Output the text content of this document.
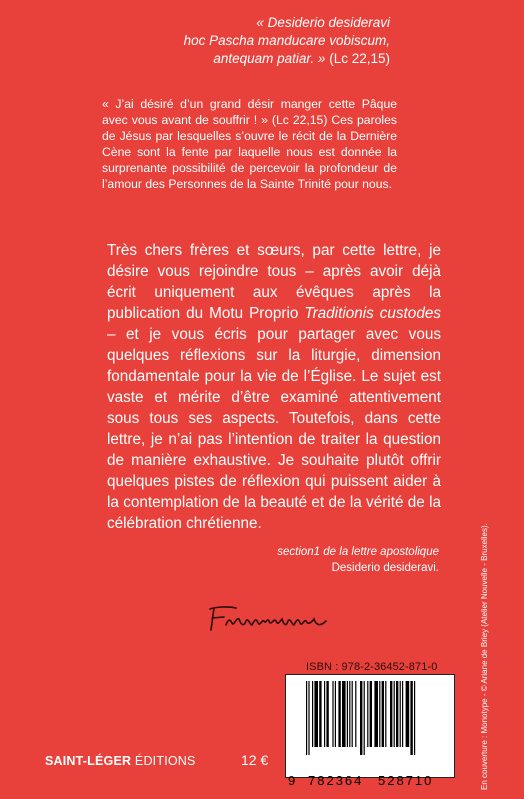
« Desiderio desideravi
hoc Pascha manducare vobiscum,
antequam patiar. » (Lc 22,15)
« J’ai désiré d’un grand désir manger cette Pâque avec vous avant de souffrir ! » (Lc 22,15) Ces paroles de Jésus par lesquelles s’ouvre le récit de la Dernière Cène sont la fente par laquelle nous est donnée la surprenante possibilité de percevoir la profondeur de l’amour des Personnes de la Sainte Trinité pour nous.

Très chers frères et sœurs, par cette lettre, je désire vous rejoindre tous – après avoir déjà écrit uniquement aux évêques après la publication du Motu Proprio Traditionis custodes – et je vous écris pour partager avec vous quelques réflexions sur la liturgie, dimension fondamentale pour la vie de l’Église. Le sujet est vaste et mérite d’être examiné attentivement sous tous ses aspects. Toutefois, dans cette lettre, je n’ai pas l’intention de traiter la question de manière exhaustive. Je souhaite plutôt offrir quelques pistes de réflexion qui puissent aider à la contemplation de la beauté et de la vérité de la célébration chrétienne.

section1 de la lettre apostolique
Desiderio desideravi.
ISBN : 978-2-36452-871-0
9 782364 528710
SAINT-LÉGER ÉDITIONS	12 €	En couverture : Monotype - © Ariane de Briey (Atelier Nouvelle - Bruxelles).
